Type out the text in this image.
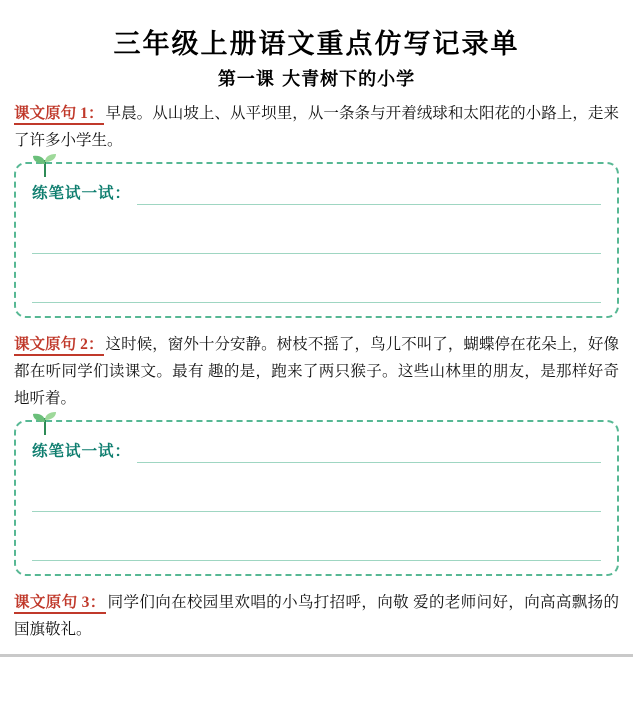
三年级上册语文重点仿写记录单
第一课 大青树下的小学

课文原句 1： 早晨。从山坡上、从平坝里，从一条条与开着绒球和太阳花的小路上，走来了许多小学生。

练笔试一试：

课文原句 2： 这时候，窗外十分安静。树枝不摇了，鸟儿不叫了，蝴蝶停在花朵上，好像都在听同学们读课文。最有 趣的是，跑来了两只猴子。这些山林里的朋友，是那样好奇地听着。

练笔试一试：

课文原句 3： 同学们向在校园里欢唱的小鸟打招呼，向敬 爱的老师问好，向高高飘扬的国旗敬礼。
